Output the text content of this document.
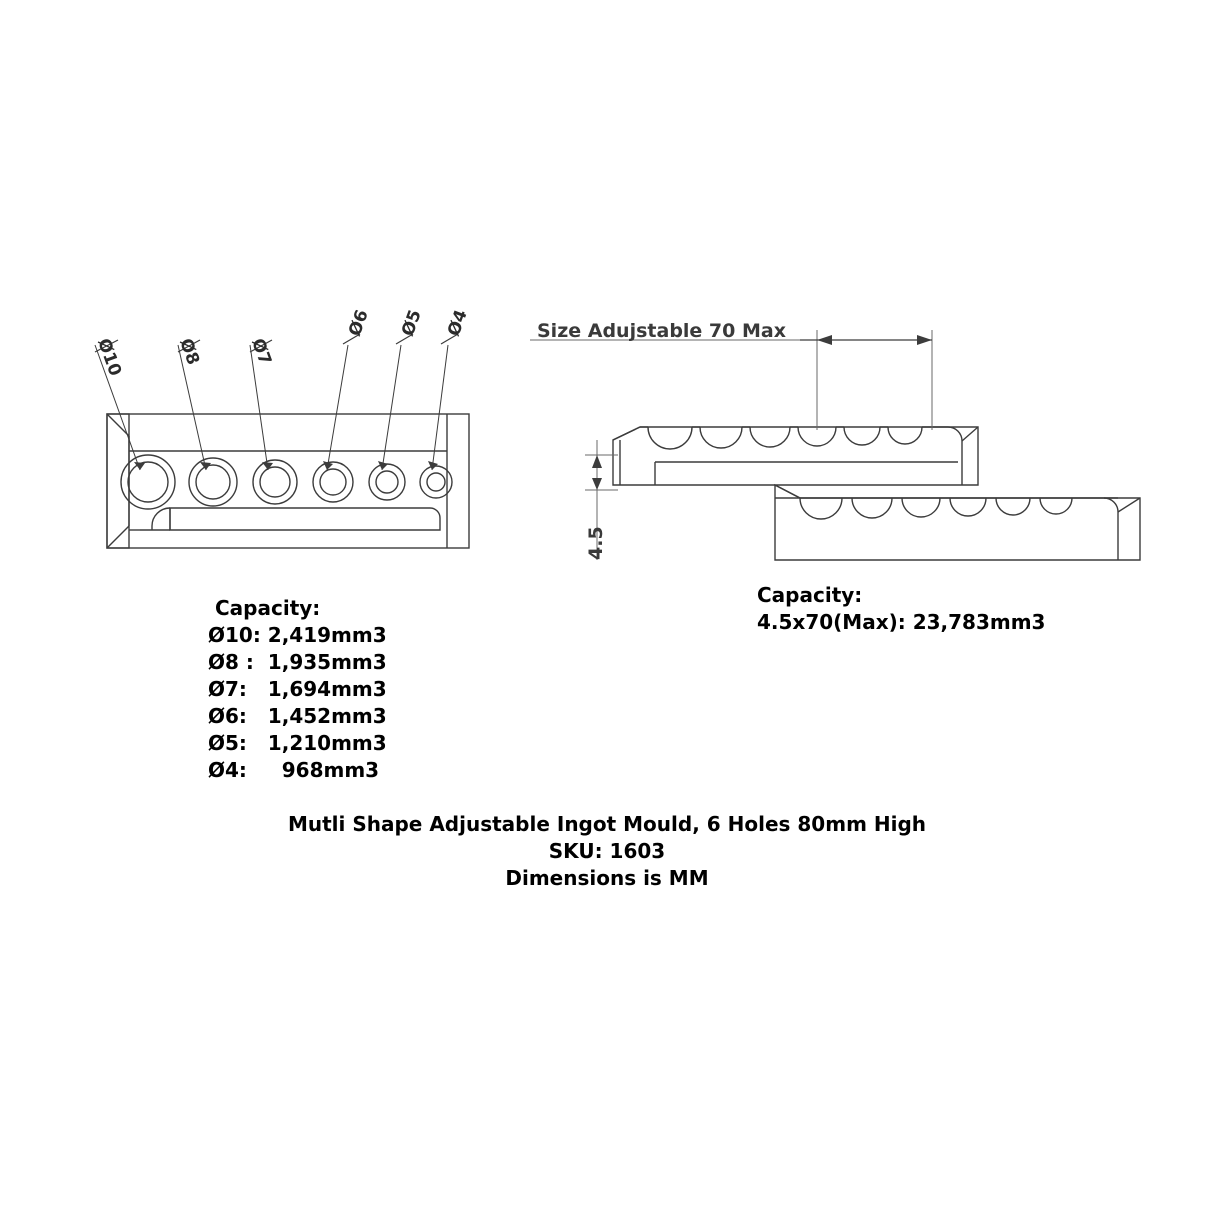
Ø10	Ø8	Ø7
Ø6 Ø5 Ø4	Size Adujstable 70 Max
4.5
Capacity:
Ø10: 2,419mm3
Ø8 :  1,935mm3
Ø7:   1,694mm3
Ø6:   1,452mm3
Ø5:   1,210mm3
Ø4:     968mm3
Capacity:
4.5x70(Max): 23,783mm3
Mutli Shape Adjustable Ingot Mould, 6 Holes 80mm High
SKU: 1603
Dimensions is MM
